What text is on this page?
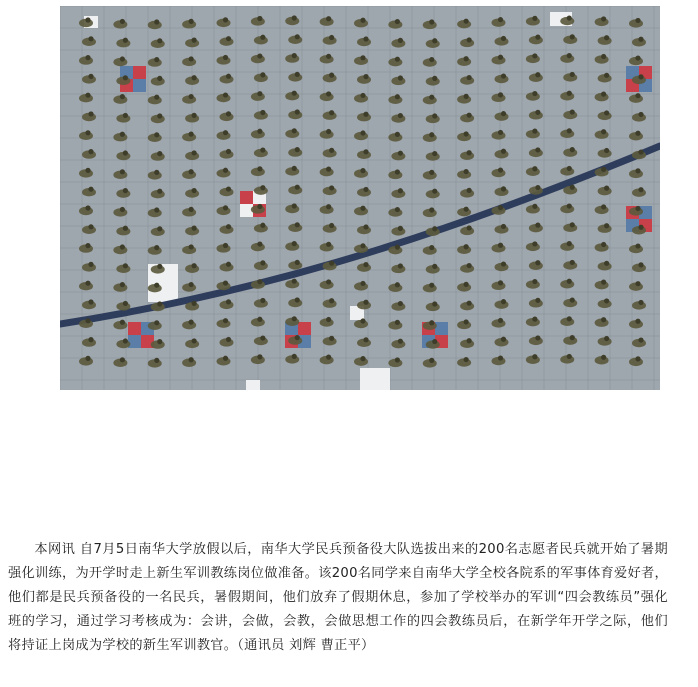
本网讯 自7月5日南华大学放假以后，南华大学民兵预备役大队选拔出来的200名志愿者民兵就开始了暑期强化训练，为开学时走上新生军训教练岗位做准备。该200名同学来自南华大学全校各院系的军事体育爱好者，他们都是民兵预备役的一名民兵，暑假期间，他们放弃了假期休息，参加了学校举办的军训“四会教练员”强化班的学习，通过学习考核成为：会讲，会做，会教，会做思想工作的四会教练员后，在新学年开学之际，他们将持证上岗成为学校的新生军训教官。（通讯员 刘辉 曹正平）
